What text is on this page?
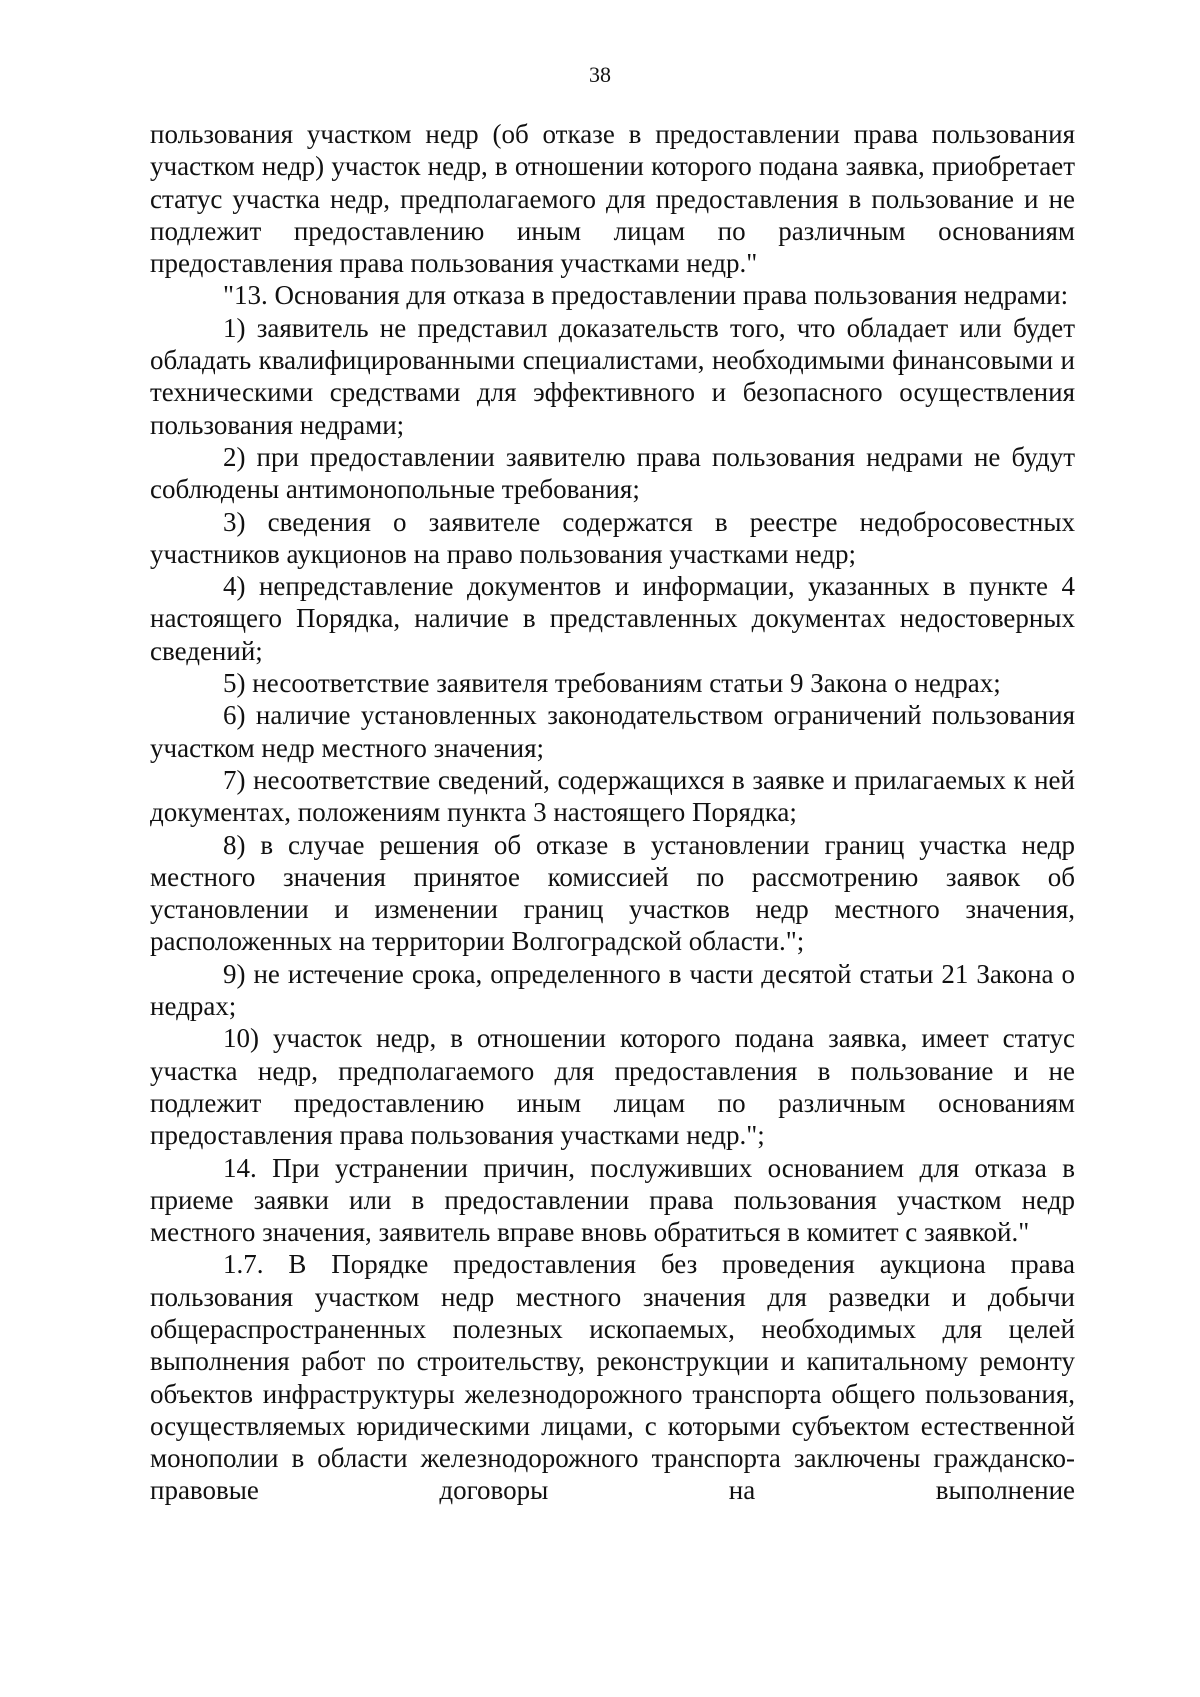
38

пользования участком недр (об отказе в предоставлении права пользования участком недр) участок недр, в отношении которого подана заявка, приобретает статус участка недр, предполагаемого для предоставления в пользование и не подлежит предоставлению иным лицам по различным основаниям предоставления права пользования участками недр."

"13. Основания для отказа в предоставлении права пользования недрами:

1) заявитель не представил доказательств того, что обладает или будет обладать квалифицированными специалистами, необходимыми финансовыми и техническими средствами для эффективного и безопасного осуществления пользования недрами;

2) при предоставлении заявителю права пользования недрами не будут соблюдены антимонопольные требования;

3) сведения о заявителе содержатся в реестре недобросовестных участников аукционов на право пользования участками недр;

4) непредставление документов и информации, указанных в пункте 4 настоящего Порядка, наличие в представленных документах недостоверных сведений;

5) несоответствие заявителя требованиям статьи 9 Закона о недрах;

6) наличие установленных законодательством ограничений пользования участком недр местного значения;

7) несоответствие сведений, содержащихся в заявке и прилагаемых к ней документах, положениям пункта 3 настоящего Порядка;

8) в случае решения об отказе в установлении границ участка недр местного значения принятое комиссией по рассмотрению заявок об установлении и изменении границ участков недр местного значения, расположенных на территории Волгоградской области.";

9) не истечение срока, определенного в части десятой статьи 21 Закона о недрах;

10) участок недр, в отношении которого подана заявка, имеет статус участка недр, предполагаемого для предоставления в пользование и не подлежит предоставлению иным лицам по различным основаниям предоставления права пользования участками недр.";

14. При устранении причин, послуживших основанием для отказа в приеме заявки или в предоставлении права пользования участком недр местного значения, заявитель вправе вновь обратиться в комитет с заявкой."

1.7. В Порядке предоставления без проведения аукциона права пользования участком недр местного значения для разведки и добычи общераспространенных полезных ископаемых, необходимых для целей выполнения работ по строительству, реконструкции и капитальному ремонту объектов инфраструктуры железнодорожного транспорта общего пользования, осуществляемых юридическими лицами, с которыми субъектом естественной монополии в области железнодорожного транспорта заключены гражданско-правовые договоры на выполнение
